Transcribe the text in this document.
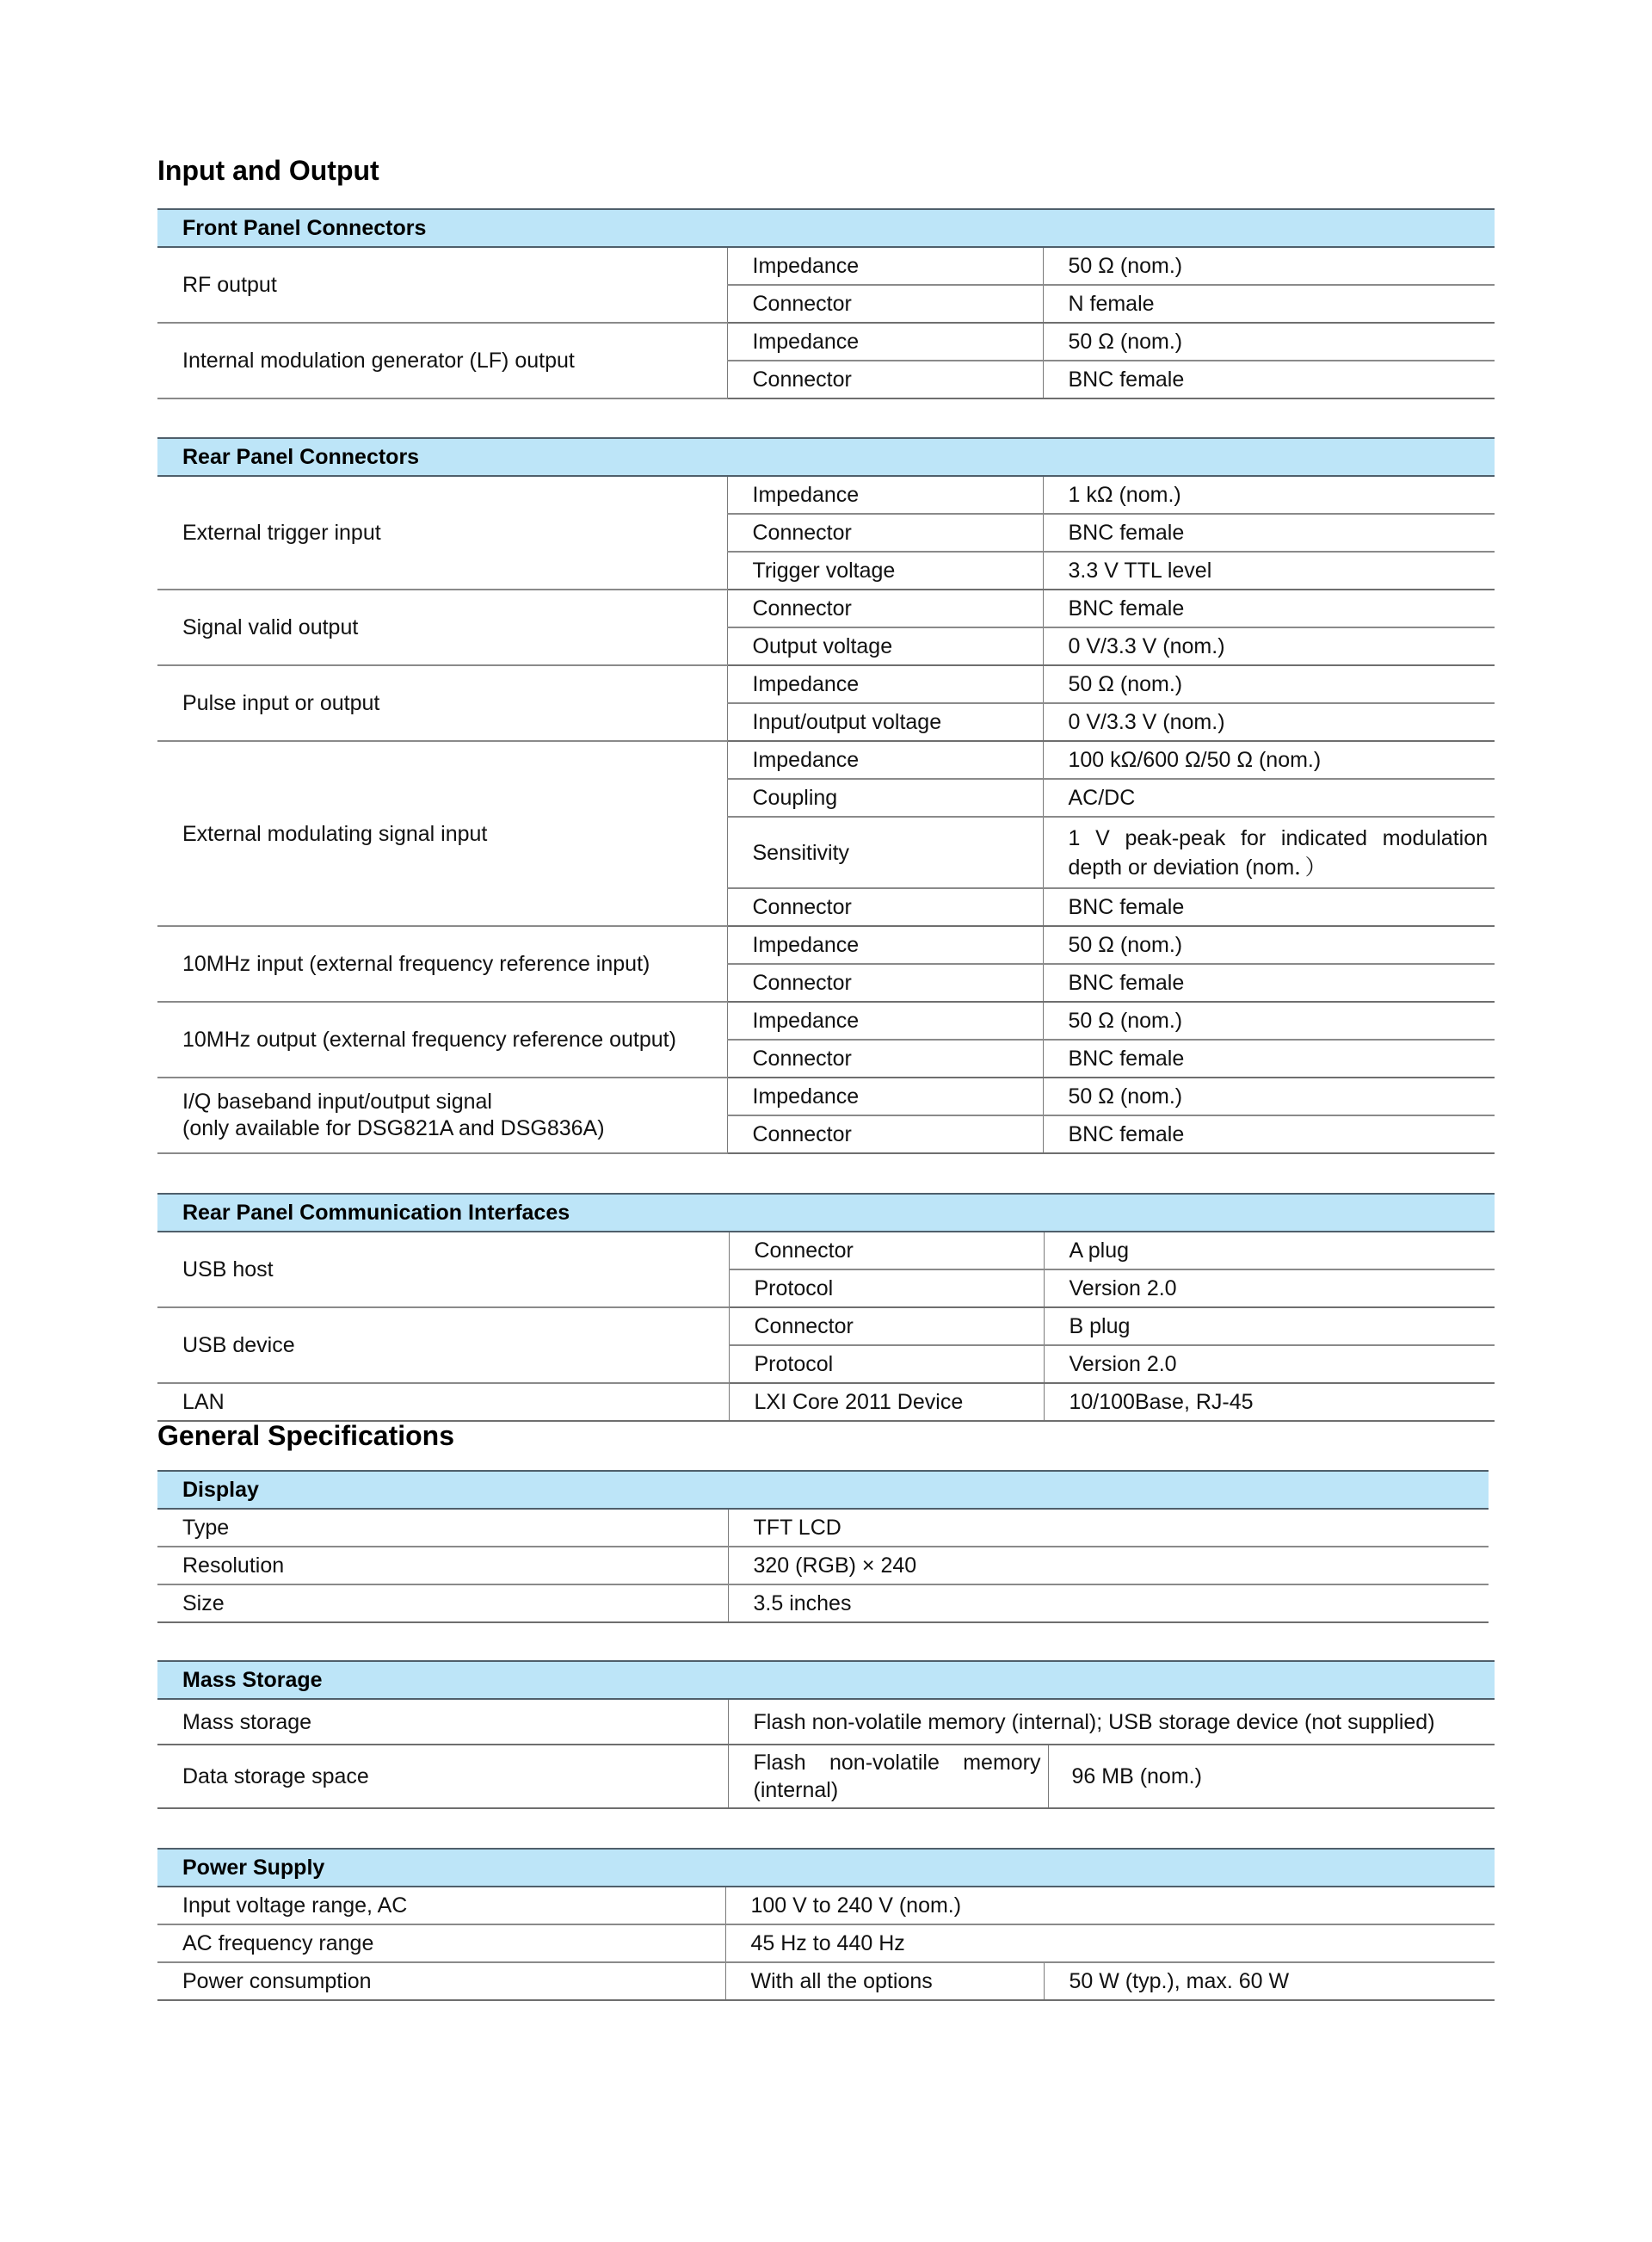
Input and Output
Front Panel Connectors		
RF output	Impedance	50 Ω (nom.)
	Connector	N female
Internal modulation generator (LF) output	Impedance	50 Ω (nom.)
	Connector	BNC female
Rear Panel Connectors		
External trigger input	Impedance	1 kΩ (nom.)
	Connector	BNC female
	Trigger voltage	3.3 V TTL level
Signal valid output	Connector	BNC female
	Output voltage	0 V/3.3 V (nom.)
Pulse input or output	Impedance	50 Ω (nom.)
	Input/output voltage	0 V/3.3 V (nom.)
External modulating signal input	Impedance	100 kΩ/600 Ω/50 Ω (nom.)
	Coupling	AC/DC
	Sensitivity	1 V peak-peak for indicated modulation depth or deviation (nom．）
	Connector	BNC female
10MHz input (external frequency reference input)	Impedance	50 Ω (nom.)
	Connector	BNC female
10MHz output (external frequency reference output)	Impedance	50 Ω (nom.)
	Connector	BNC female

I/Q baseband input/output signal
(only available for DSG821A and DSG836A)	Impedance	50 Ω (nom.)
	Connector	BNC female
Rear Panel Communication Interfaces		
USB host	Connector	A plug
	Protocol	Version 2.0
USB device	Connector	B plug
	Protocol	Version 2.0
LAN	LXI Core 2011 Device	10/100Base, RJ-45
General Specifications
Display	
Type	TFT LCD
Resolution	320 (RGB) × 240
Size	3.5 inches
Mass Storage		
Mass storage	Flash non-volatile memory (internal); USB storage device (not supplied)	
Data storage space	Flash non-volatile memory (internal)	96 MB (nom.)
Power Supply		
Input voltage range, AC	100 V to 240 V (nom.)	
AC frequency range	45 Hz to 440 Hz	
Power consumption	With all the options	50 W (typ.), max. 60 W
